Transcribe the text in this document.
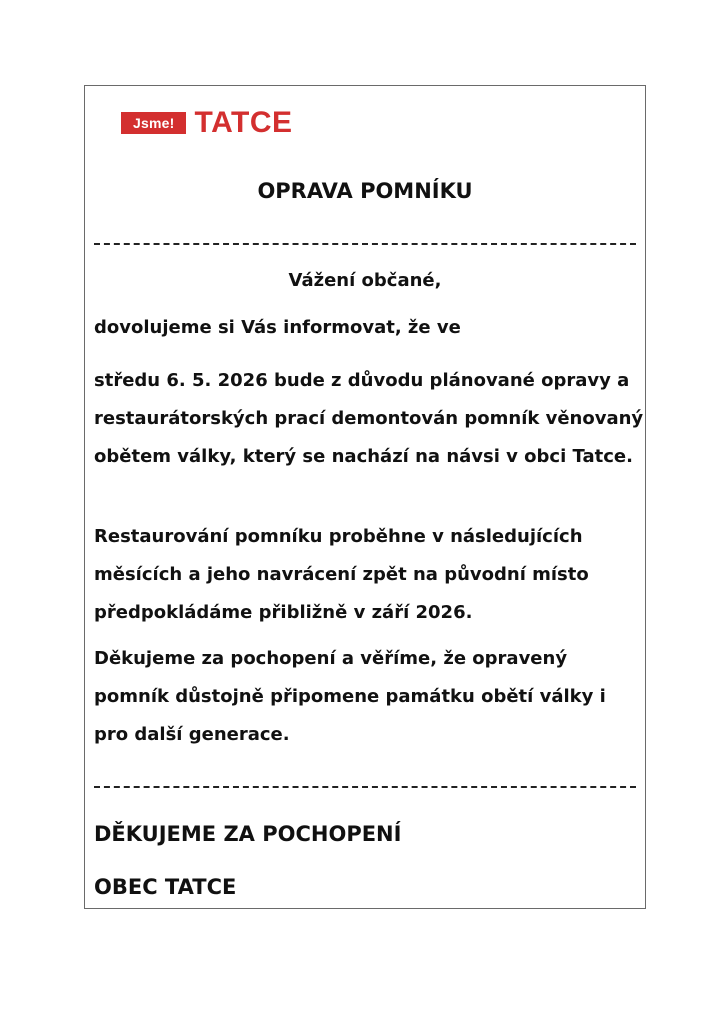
Jsme! TATCE
OPRAVA POMNÍKU

Vážení občané,

dovolujeme si Vás informovat, že ve

středu 6. 5. 2026 bude z důvodu plánované opravy a restaurátorských prací demontován pomník věnovaný obětem války, který se nachází na návsi v obci Tatce.

Restaurování pomníku proběhne v následujících měsících a jeho navrácení zpět na původní místo předpokládáme přibližně v září 2026.

Děkujeme za pochopení a věříme, že opravený pomník důstojně připomene památku obětí války i pro další generace.

DĚKUJEME ZA POCHOPENÍ

OBEC TATCE
